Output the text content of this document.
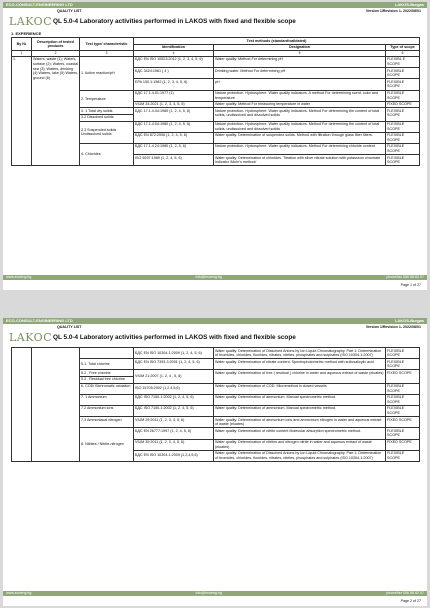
ECO-CONSULT-ENGINEERING LTD	LAKOS-Burgas
QUALITY LIST	Version 1/Revision 1- 2022/08/01
LAKOC QL 5.0-4 Laboratory activities performed in LAKOS with fixed and flexible scope
1. EXPERIENCE
By №	Description of tested products	Test type/ characteristic	Test methods (standard/validated)		
			Identification	Designation	Type of scope
1	2	3	4	5	6
1.	Waters, waste (1); Waters, surface (2); Waters, coastal sea (3); Waters, drinking (4) Waters, lake (5) Waters, ground (6)	1. Active reaction/pH	БДС EN ISO 10523:2012 (1, 2, 3, 4, 5, 6)	Water quality. Method For determining pH	FLEXIBL E SCOPE
			БДС 3424:1981 ( 4 )	Drinking water. Method For determining pH	FLEXIBLE SCOPE
			EPA 150.1:1982 (1, 2, 3, 4, 5, 6)	pH	FLEXIBLE SCOPE
		2. Temperature	БДС 17.1.4.01:1977 (1)	Nature protection. Hydrosphere. Water quality indicators. A method For determining scent, color and temperature	FLEXIBLE SCOPE
			VIUM 34:2021 (1, 2, 3, 4, 5, 6)	Water quality. Method For measuring temperature in water	FIXED SCOPE
		3. 1 Total dry solids	БДС 17.1.4.04:1980 (1, 2, 4, 5, 6)	Nature protection. Hydrosphere. Water quality indicators. Method For determining the content of total solids, undissolved and dissolved solids	FLEXIBLE SCOPE
		3.2 Dissolved solids			
		3.3 Suspended solids Undissolved solids	БДС 17.1.4.04:1980 (1, 2, 4, 5, 6)	Nature protection. Hydrosphere. Water quality indicators. Method For determining the content of total solids, undissolved and dissolved solids	FLEXIBLE SCOPE
			БДС EN 872:2006 (1, 2, 4, 5, 6)	Water quality. Determination of suspended solids. Method with filtration through glass fiber filters.	FLEXIBLE SCOPE
		4. Chlorides	БДС 17.1.4.24:1980 (1, 2, 5, 6)	Nature protection. Hydrosphere. Water quality indicators. Method For determining chloride content	FLEXIBLE SCOPE
			ISO 9297:1989 (1, 2, 4, 5, 6)	Water quality. Determination of chlorides. Titration with silver nitrate solution with potassium chromate indicator /Mohr's method/	FLEXIBLE SCOPE
www.ecoeng.bg	info@ecoeng.bg	phone/fax 056 58 62 07
Page 1 of 27
ECO-CONSULT-ENGINEERING LTD	LAKOS-Burgas
QUALITY LIST	Version 1/Revision 1- 2022/08/01
LAKOC QL 5.0-4 Laboratory activities performed in LAKOS with fixed and flexible scope
			БДС EN ISO 10304-1:2009 (1, 2, 4, 5, 6)	Water quality. Determination of Dissolved Anions by Ion Liquid Chromatography. Part 1: Determination of bromides, chlorides, fluorides, nitrates, nitrites, phosphates and sulphates (ISO 10304-1:2007)	FLEXIBLE SCOPE
		5.1. Total chlorine	БДС EN ISO 7393-3:2001 (1, 2, 4, 5, 6)	Water quality. Determination of nitrate content. Spectrophotometric method with sulfosalicylic acid	FLEXIBLE SCOPE
		5.2 . Free chlorine	VIUM 21:2007 (1, 2, 4 , 5, 6)	Water quality. Determination of free ( residual ) chlorine in water and aqueous extract of waste (eluates)	FIXED SCOPE
		5.3 . Residual free chlorine			
		6. COD/ Bichromatic oxidation	ISO 15705:2002 (1,2,4,5,6)	Water quality. Determination of COD. Micromethod in closed vessels	FLEXIBLE SCOPE
		7. 1 Ammonium	БДС ISO 7150-1:2002 (1, 2, 4, 5, 6)	Water quality. Determination of ammonium. Manual spectrometric method.	FLEXIBLE SCOPE
		7.2 Ammonium ions	БДС ISO 7150-1:2002 (1, 2, 4, 5, 6)	Water quality. Determination of ammonium. Manual spectrometric method.	FLEXIBLE SCOPE
		7.3 Ammoniacal nitrogen	VIUM 29:2011 (1, 2, 3, 4, 5, 6)	Water quality. Determination of ammonium ions and ammonium nitrogen in water and aqueous extract of waste (eluates)	FIXED SCOPE
		8. Nitrites / Nitrite-nitrogen	БДС EN 26777:1997 (1, 2, 4, 5, 6)	Water quality. Determination of nitrite content Molecular absorption spectrometric method.	FLEXIBLE SCOPE
			VIUM 30:2011 (1, 2, 3, 4, 5, 6)	Water quality. Determination of nitrites and nitrogen nitrite in water and aqueous extract of waste (eluates)	FIXED SCOPE
			БДС EN ISO 10304-1:2009 (1,2,4,5,6)	Water quality. Determination of Dissolved Anions by Ion Liquid Chromatography. Part 1: Determination of bromides, chlorides, fluorides, nitrates, nitrites, phosphates and sulphates (ISO 10304-1:2007)	FLEXIBLE SCOPE
www.ecoeng.bg	info@ecoeng.bg	phone/fax 056 58 62 07
Page 2 of 27
